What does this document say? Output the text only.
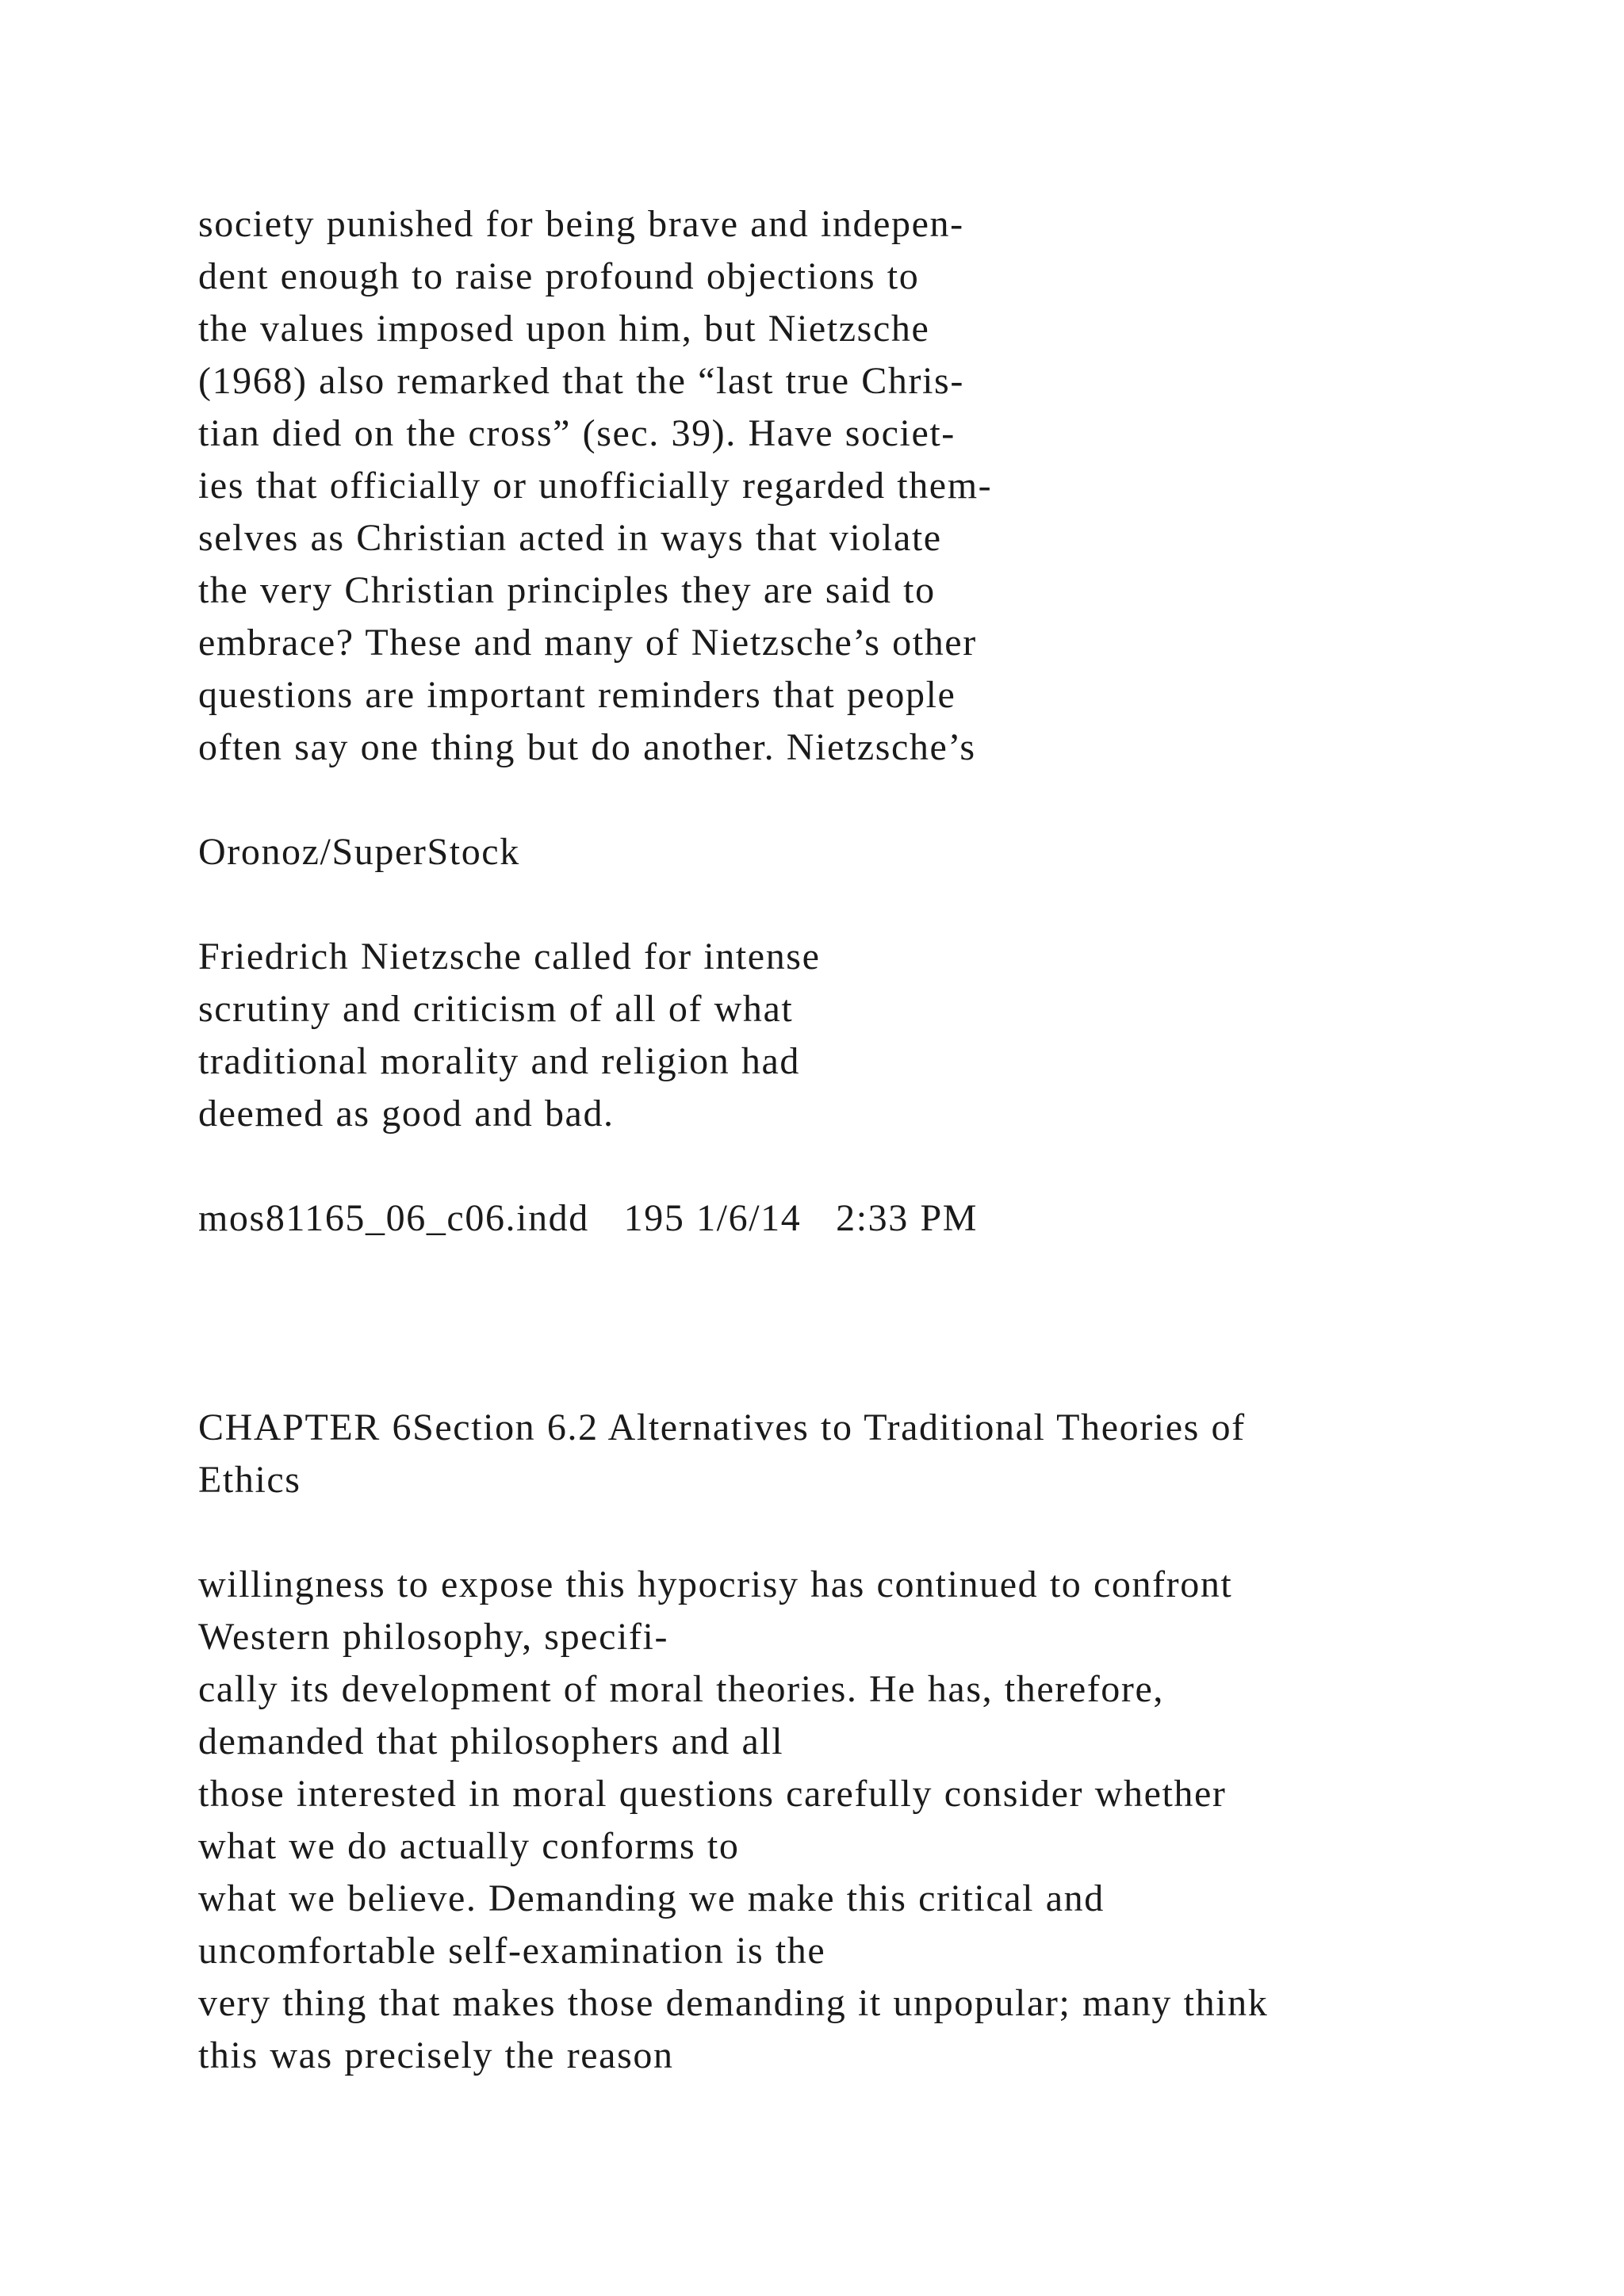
society punished for being brave and indepen-
dent enough to raise profound objections to
the values imposed upon him, but Nietzsche
(1968) also remarked that the “last true Chris-
tian died on the cross” (sec. 39). Have societ-
ies that officially or unofficially regarded them-
selves as Christian acted in ways that violate
the very Christian principles they are said to
embrace? These and many of Nietzsche’s other
questions are important reminders that people
often say one thing but do another. Nietzsche’s
Oronoz/SuperStock
Friedrich Nietzsche called for intense
scrutiny and criticism of all of what
traditional morality and religion had
deemed as good and bad.
mos81165_06_c06.indd   195 1/6/14   2:33 PM
CHAPTER 6Section 6.2 Alternatives to Traditional Theories of
Ethics
willingness to expose this hypocrisy has continued to confront
Western philosophy, specifi-
cally its development of moral theories. He has, therefore,
demanded that philosophers and all
those interested in moral questions carefully consider whether
what we do actually conforms to
what we believe. Demanding we make this critical and
uncomfortable self-examination is the
very thing that makes those demanding it unpopular; many think
this was precisely the reason
